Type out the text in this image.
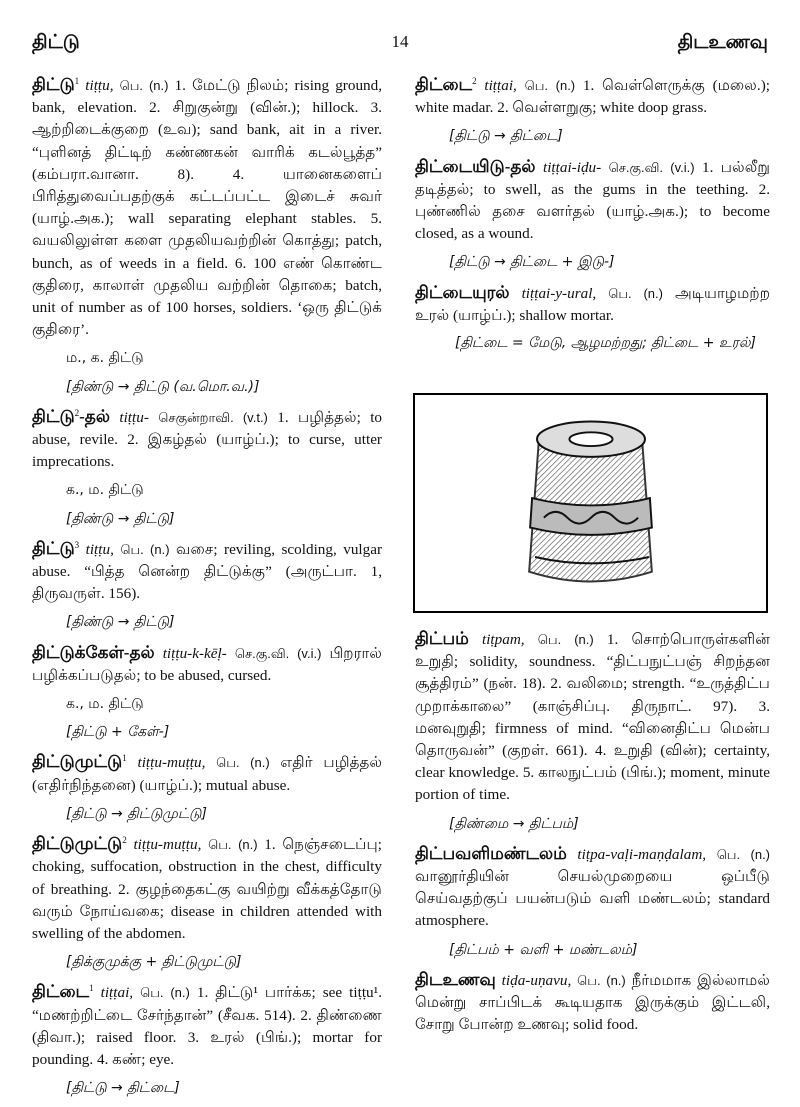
திட்டு	14	திடஉணவு
திட்டு$^1$ tiṭṭu, பெ. (n.) 1. மேட்டு நிலம்; rising ground, bank, elevation. 2. சிறுகுன்று (வின்.); hillock. 3. ஆற்றிடைக்குறை (உவ); sand bank, ait in a river. “புளினத் திட்டிற் கண்ணகன் வாரிக் கடல்பூத்த” (கம்பரா.வானா. 8). 4. யானைகளைப் பிரித்துவைப்பதற்குக் கட்டப்பட்ட இடைச் சுவர் (யாழ்.அக.); wall separating elephant stables. 5. வயலிலுள்ள களை முதலியவற்றின் கொத்து; patch, bunch, as of weeds in a field. 6. 100 எண் கொண்ட குதிரை, காலாள் முதலிய வற்றின் தொகை; batch, unit of number as of 100 horses, soldiers. ‘ஒரு திட்டுக் குதிரை’.
ம., க. திட்டு
[திண்டு → திட்டு (வ.மொ.வ.)]
திட்டு$^2$-தல் tiṭṭu- செகுன்றாவி. (v.t.) 1. பழித்தல்; to abuse, revile. 2. இகழ்தல் (யாழ்ப்.); to curse, utter imprecations.
க., ம. திட்டு
[திண்டு → திட்டு]
திட்டு$^3$ tiṭṭu, பெ. (n.) வசை; reviling, scolding, vulgar abuse. “பித்த னென்ற திட்டுக்கு” (அருட்பா. 1, திருவருள். 156).
[திண்டு → திட்டு]
திட்டுக்கேள்-தல் tiṭṭu-k-kēḷ- செ.கு.வி. (v.i.) பிறரால் பழிக்கப்படுதல்; to be abused, cursed.
க., ம. திட்டு
[திட்டு + கேள்-]
திட்டுமுட்டு$^1$ tiṭṭu-muṭṭu, பெ. (n.) எதிர் பழித்தல் (எதிர்நிந்தனை) (யாழ்ப்.); mutual abuse.
[திட்டு → திட்டுமுட்டு]
திட்டுமுட்டு$^2$ tiṭṭu-muṭṭu, பெ. (n.) 1. நெஞ்சடைப்பு; choking, suffocation, obstruction in the chest, difficulty of breathing. 2. குழந்தைகட்கு வயிற்று வீக்கத்தோடு வரும் நோய்வகை; disease in children attended with swelling of the abdomen.
[திக்குமுக்கு + திட்டுமுட்டு]
திட்டை$^1$ tiṭṭai, பெ. (n.) 1. திட்டு¹ பார்க்க; see tiṭṭu¹. “மணற்றிட்டை சேர்ந்தான்” (சீவக. 514). 2. திண்ணை (திவா.); raised floor. 3. உரல் (பிங்.); mortar for pounding. 4. கண்; eye.
[திட்டு → திட்டை]
திட்டை$^2$ tiṭṭai, பெ. (n.) 1. வெள்ளெருக்கு (மலை.); white madar. 2. வெள்ளறுகு; white doop grass.
[திட்டு → திட்டை]
திட்டையிடு-தல் tiṭṭai-iḍu- செ.கு.வி. (v.i.) 1. பல்லீறு தடித்தல்; to swell, as the gums in the teething. 2. புண்ணில் தசை வளர்தல் (யாழ்.அக.); to become closed, as a wound.
[திட்டு → திட்டை + இடு-]
திட்டையுரல் tiṭṭai-y-ural, பெ. (n.) அடியாழமற்ற உரல் (யாழ்ப்.); shallow mortar.
[திட்டை = மேடு, ஆழமற்றது; திட்டை + உரல்]
திட்பம் tiṭpam, பெ. (n.) 1. சொற்பொருள்களின் உறுதி; solidity, soundness. “திட்பநுட்பஞ் சிறந்தன சூத்திரம்” (நன். 18). 2. வலிமை; strength. “உருத்திட்ப முறாக்காலை” (காஞ்சிப்பு. திருநாட். 97). 3. மனவுறுதி; firmness of mind. “வினைதிட்ப மென்ப தொருவன்” (குறள். 661). 4. உறுதி (வின்); certainty, clear knowledge. 5. காலநுட்பம் (பிங்.); moment, minute portion of time.
[திண்மை → திட்பம்]
திட்பவளிமண்டலம் tiṭpa-vaḷi-maṇḍalam, பெ. (n.) வானூர்தியின் செயல்முறையை ஒப்பீடு செய்வதற்குப் பயன்படும் வளி மண்டலம்; standard atmosphere.
[திட்பம் + வளி + மண்டலம்]
திடஉணவு tiḍa-uṇavu, பெ. (n.) நீர்மமாக இல்லாமல் மென்று சாப்பிடக் கூடியதாக இருக்கும் இட்டலி, சோறு போன்ற உணவு; solid food.
